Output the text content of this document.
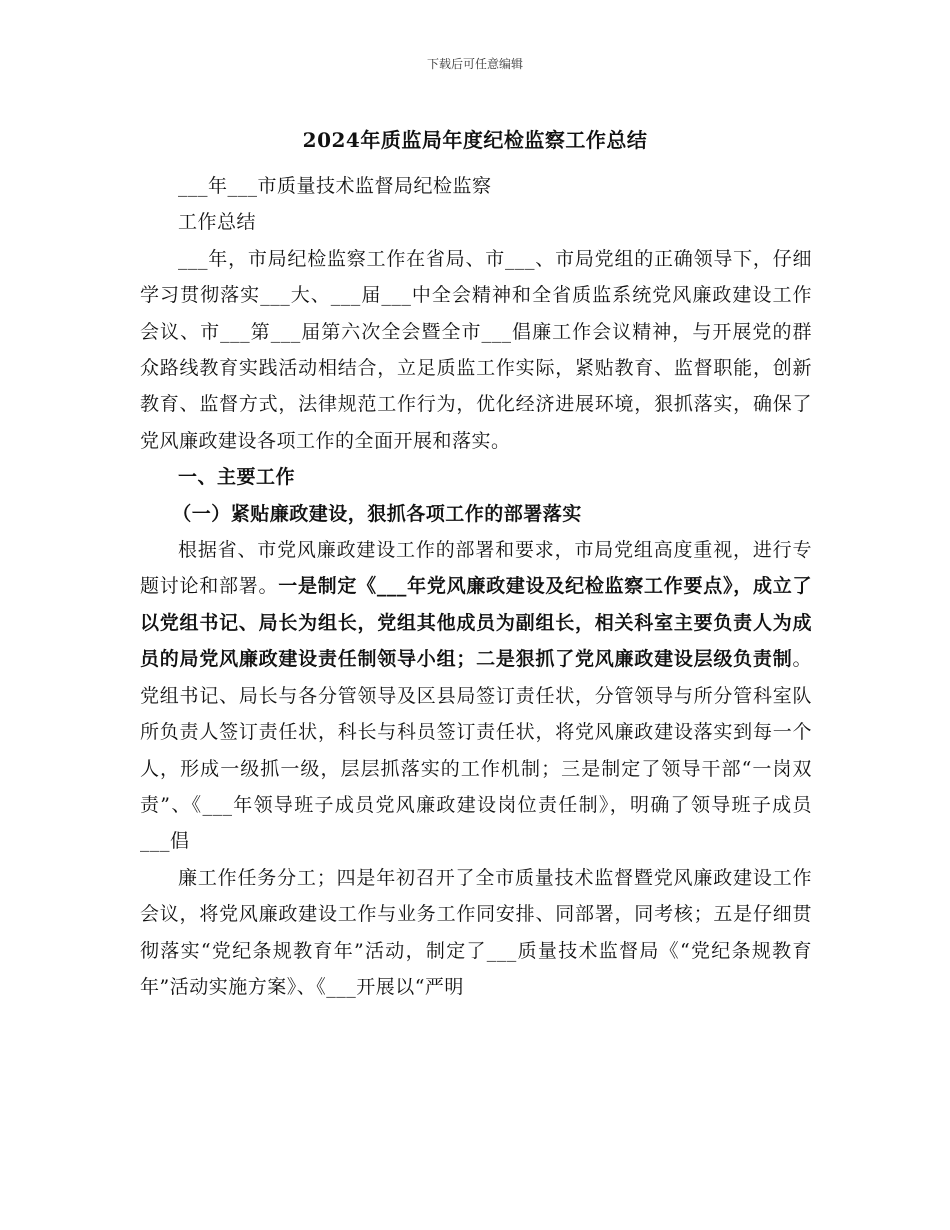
下载后可任意编辑
2024年质监局年度纪检监察工作总结

___年___市质量技术监督局纪检监察

工作总结

___年，市局纪检监察工作在省局、市___、市局党组的正确领导下，仔细学习贯彻落实___大、___届___中全会精神和全省质监系统党风廉政建设工作会议、市___第___届第六次全会暨全市___倡廉工作会议精神，与开展党的群众路线教育实践活动相结合，立足质监工作实际，紧贴教育、监督职能，创新教育、监督方式，法律规范工作行为，优化经济进展环境，狠抓落实，确保了党风廉政建设各项工作的全面开展和落实。

一、主要工作

（一）紧贴廉政建设，狠抓各项工作的部署落实

根据省、市党风廉政建设工作的部署和要求，市局党组高度重视，进行专题讨论和部署。一是制定《___年党风廉政建设及纪检监察工作要点》，成立了以党组书记、局长为组长，党组其他成员为副组长，相关科室主要负责人为成员的局党风廉政建设责任制领导小组；二是狠抓了党风廉政建设层级负责制。党组书记、局长与各分管领导及区县局签订责任状，分管领导与所分管科室队所负责人签订责任状，科长与科员签订责任状，将党风廉政建设落实到每一个人，形成一级抓一级，层层抓落实的工作机制；三是制定了领导干部“一岗双责”、《___年领导班子成员党风廉政建设岗位责任制》，明确了领导班子成员___倡

廉工作任务分工；四是年初召开了全市质量技术监督暨党风廉政建设工作会议，将党风廉政建设工作与业务工作同安排、同部署，同考核；五是仔细贯彻落实“党纪条规教育年”活动，制定了___质量技术监督局《“党纪条规教育年”活动实施方案》、《___开展以“严明
